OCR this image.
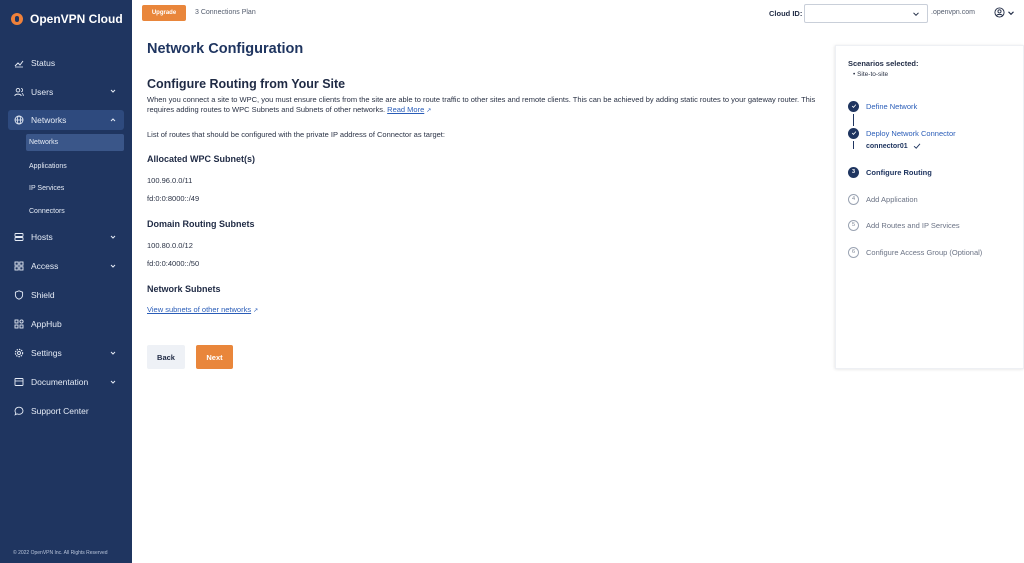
OpenVPN Cloud
Status
Users
Networks
Networks
Applications
IP Services
Connectors
Hosts
Access
Shield
AppHub
Settings
Documentation
Support Center
© 2022 OpenVPN Inc. All Rights Reserved
Upgrade	3 Connections Plan	Cloud ID:	.openvpn.com
Network Configuration
Configure Routing from Your Site

When you connect a site to WPC, you must ensure clients from the site are able to route traffic to other sites and remote clients. This can be achieved by adding static routes to your gateway router. This requires adding routes to WPC Subnets and Subnets of other networks. Read More ↗

List of routes that should be configured with the private IP address of Connector as target:

Allocated WPC Subnet(s)
100.96.0.0/11
fd:0:0:8000::/49
Domain Routing Subnets
100.80.0.0/12
fd:0:0:4000::/50
Network Subnets
View subnets of other networks ↗
Back	Next
Scenarios selected:
• Site-to-site
Define Network
Deploy Network Connector
connector01
3	Configure Routing
4	Add Application
5	Add Routes and IP Services
6	Configure Access Group (Optional)
